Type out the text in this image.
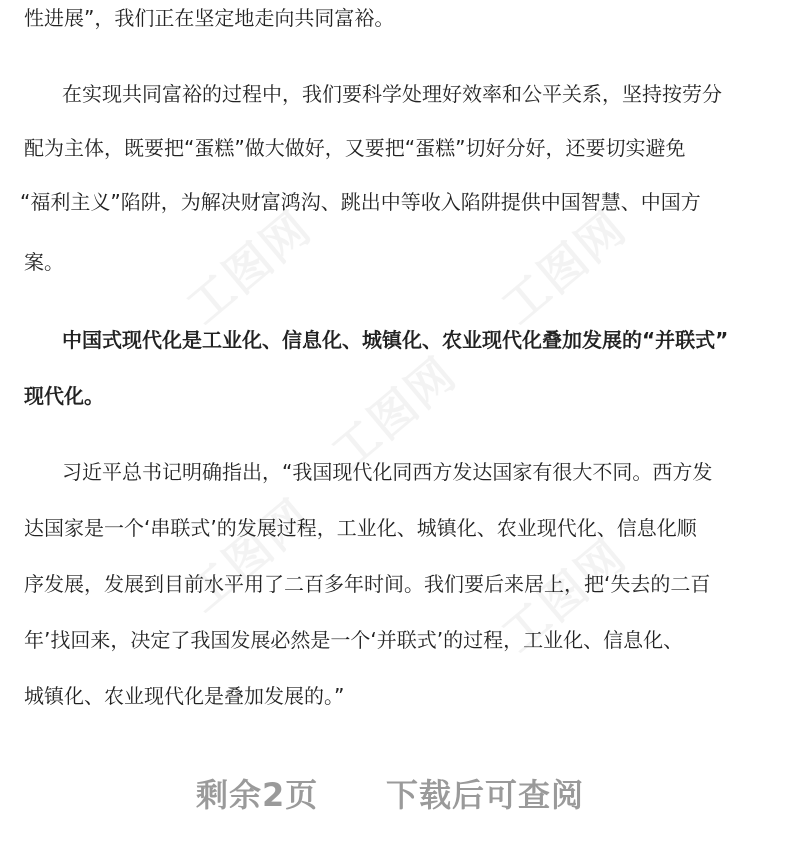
工图网	工图网
工图网
工图网	工图网
性进展”，我们正在坚定地走向共同富裕。
在实现共同富裕的过程中，我们要科学处理好效率和公平关系，坚持按劳分
配为主体，既要把“蛋糕”做大做好，又要把“蛋糕”切好分好，还要切实避免
“福利主义”陷阱，为解决财富鸿沟、跳出中等收入陷阱提供中国智慧、中国方
案。
中国式现代化是工业化、信息化、城镇化、农业现代化叠加发展的“并联式”
现代化。
习近平总书记明确指出，“我国现代化同西方发达国家有很大不同。西方发
达国家是一个‘串联式’的发展过程，工业化、城镇化、农业现代化、信息化顺
序发展，发展到目前水平用了二百多年时间。我们要后来居上，把‘失去的二百
年’找回来，决定了我国发展必然是一个‘并联式’的过程，工业化、信息化、
城镇化、农业现代化是叠加发展的。”
剩余2页 下载后可查阅
